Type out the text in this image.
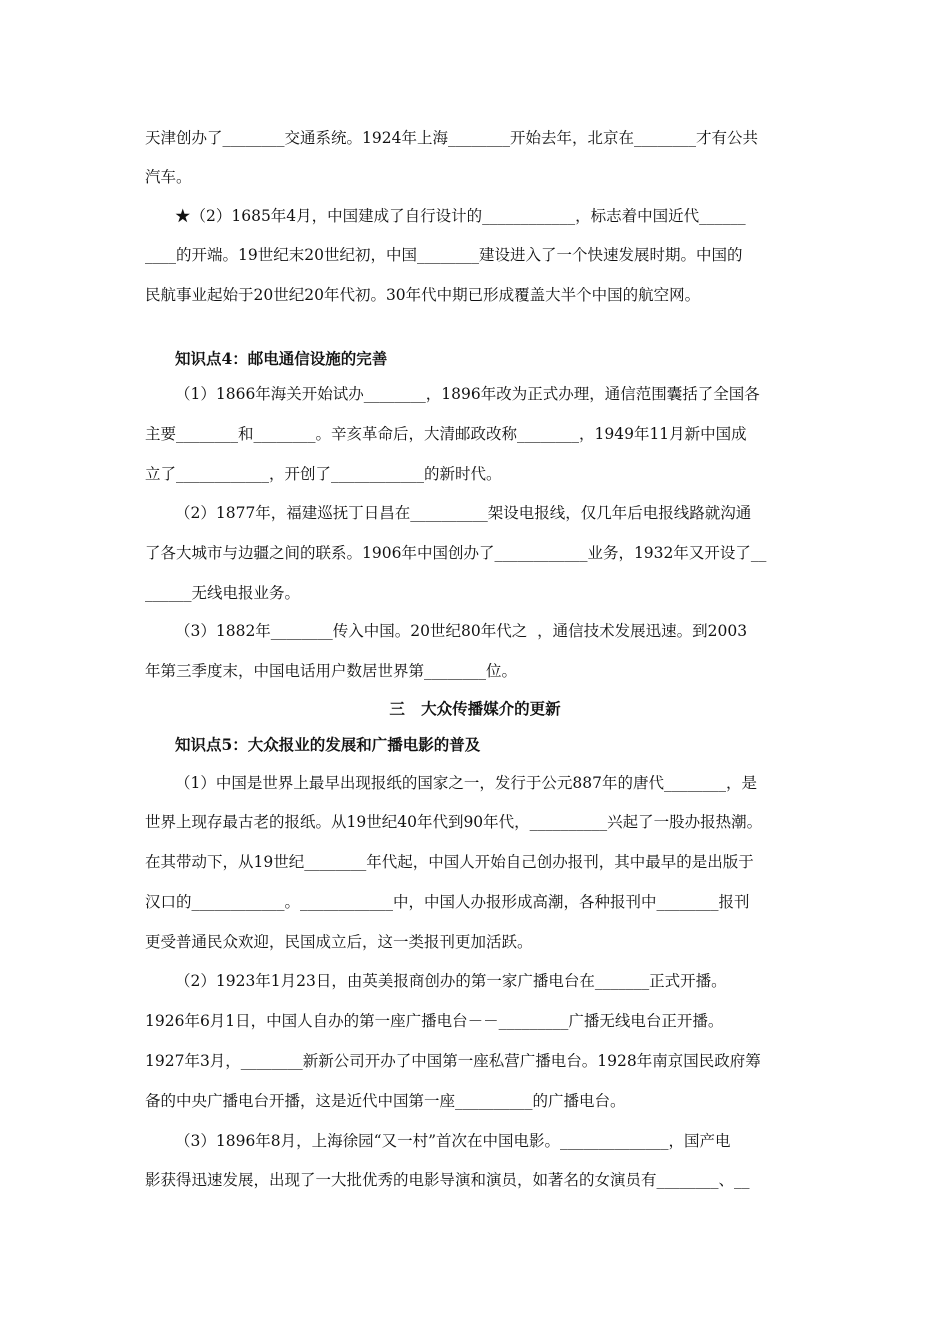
天津创办了________交通系统。1924年上海________开始去年，北京在________才有公共
汽车。
★（2）1685年4月，中国建成了自行设计的____________，标志着中国近代______
____的开端。19世纪末20世纪初，中国________建设进入了一个快速发展时期。中国的
民航事业起始于20世纪20年代初。30年代中期已形成覆盖大半个中国的航空网。
知识点4：邮电通信设施的完善
（1）1866年海关开始试办________，1896年改为正式办理，通信范围囊括了全国各
主要________和________。辛亥革命后，大清邮政改称________，1949年11月新中国成
立了____________，开创了____________的新时代。
（2）1877年，福建巡抚丁日昌在__________架设电报线，仅几年后电报线路就沟通
了各大城市与边疆之间的联系。1906年中国创办了____________业务，1932年又开设了__
______无线电报业务。
（3）1882年________传入中国。20世纪80年代之  ，通信技术发展迅速。到2003
年第三季度末，中国电话用户数居世界第________位。
三   大众传播媒介的更新
知识点5：大众报业的发展和广播电影的普及
（1）中国是世界上最早出现报纸的国家之一，发行于公元887年的唐代________，是
世界上现存最古老的报纸。从19世纪40年代到90年代，__________兴起了一股办报热潮。
在其带动下，从19世纪________年代起，中国人开始自己创办报刊，其中最早的是出版于
汉口的____________。____________中，中国人办报形成高潮，各种报刊中________报刊
更受普通民众欢迎，民国成立后，这一类报刊更加活跃。
（2）1923年1月23日，由英美报商创办的第一家广播电台在_______正式开播。
1926年6月1日，中国人自办的第一座广播电台－－_________广播无线电台正开播。
1927年3月，________新新公司开办了中国第一座私营广播电台。1928年南京国民政府筹
备的中央广播电台开播，这是近代中国第一座__________的广播电台。
（3）1896年8月，上海徐园“又一村”首次在中国电影。______________，国产电
影获得迅速发展，出现了一大批优秀的电影导演和演员，如著名的女演员有________、__
